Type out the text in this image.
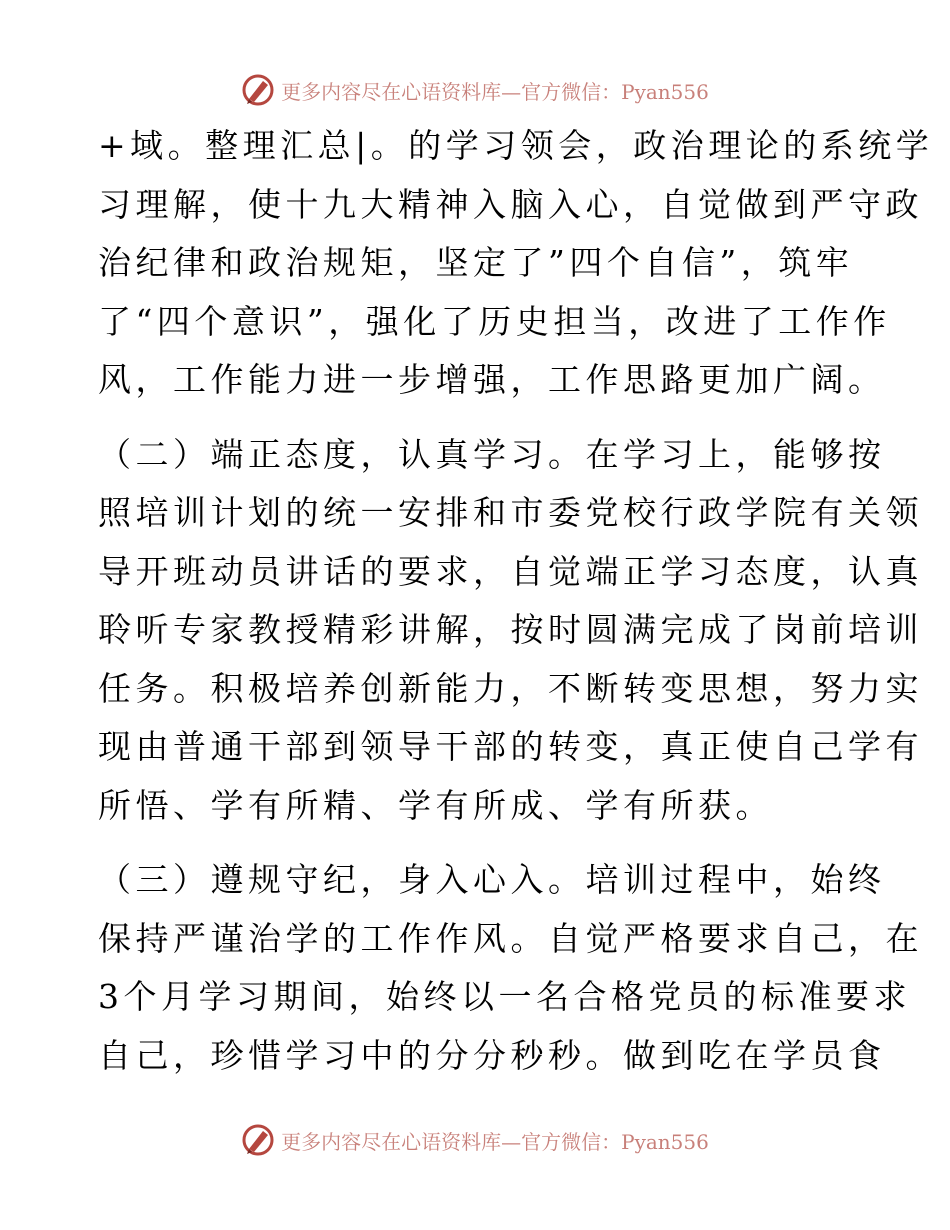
更多内容尽在心语资料库—官方微信：Pyan556

+域。整理汇总|。的学习领会，政治理论的系统学
习理解，使十九大精神入脑入心，自觉做到严守政
治纪律和政治规矩，坚定了”四个自信”，筑牢
了“四个意识”，强化了历史担当，改进了工作作
风，工作能力进一步增强，工作思路更加广阔。

（二）端正态度，认真学习。在学习上，能够按
照培训计划的统一安排和市委党校行政学院有关领
导开班动员讲话的要求，自觉端正学习态度，认真
聆听专家教授精彩讲解，按时圆满完成了岗前培训
任务。积极培养创新能力，不断转变思想，努力实
现由普通干部到领导干部的转变，真正使自己学有
所悟、学有所精、学有所成、学有所获。

（三）遵规守纪，身入心入。培训过程中，始终
保持严谨治学的工作作风。自觉严格要求自己，在
3个月学习期间，始终以一名合格党员的标准要求
自己，珍惜学习中的分分秒秒。做到吃在学员食

更多内容尽在心语资料库—官方微信：Pyan556
